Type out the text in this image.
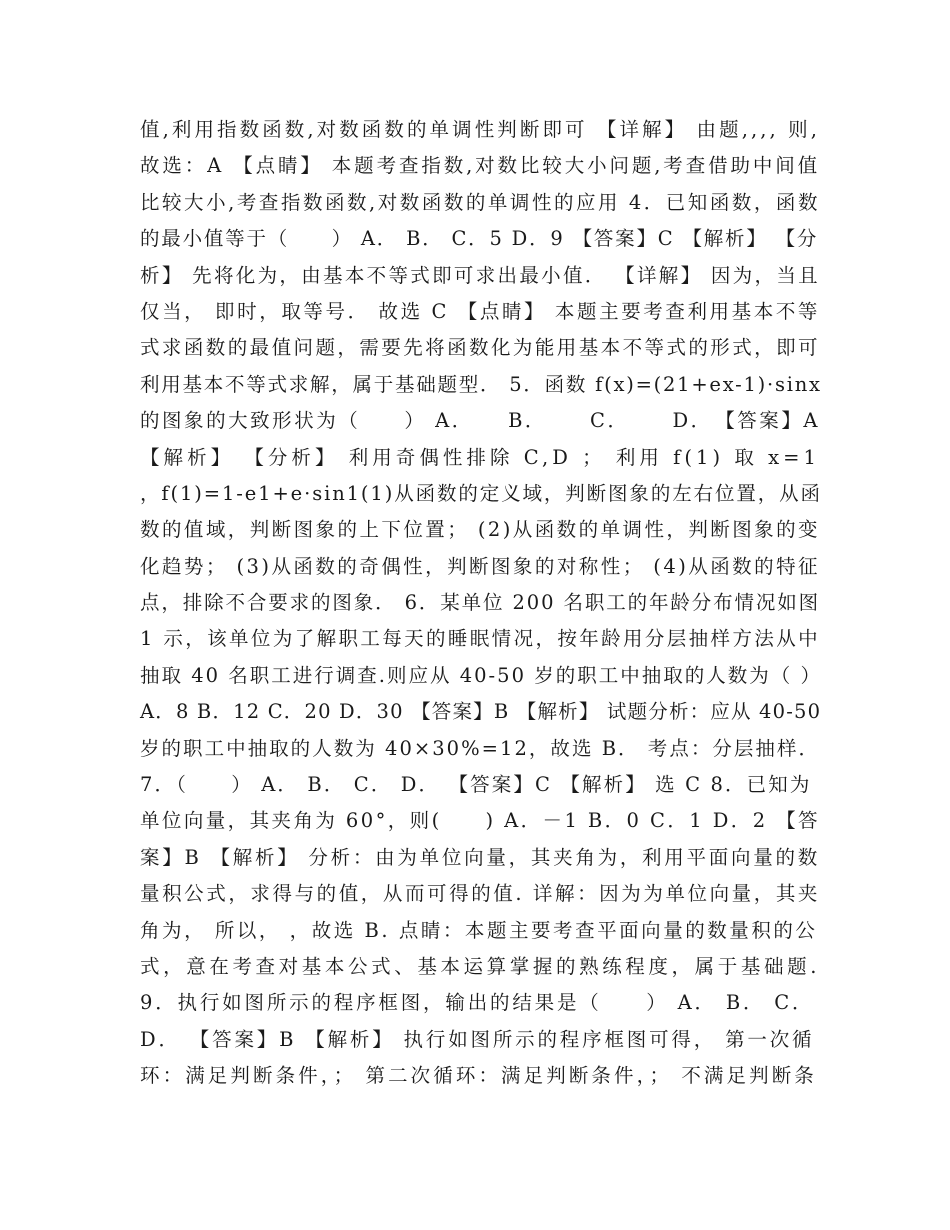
值,利用指数函数,对数函数的单调性判断即可 【详解】 由题,,,, 则,
故选：A 【点睛】 本题考查指数,对数比较大小问题,考查借助中间值
比较大小,考查指数函数,对数函数的单调性的应用 4．已知函数，函数
的最小值等于（　　） A． B． C．5 D．9 【答案】C 【解析】 【分
析】 先将化为，由基本不等式即可求出最小值． 【详解】 因为，当且
仅当， 即时，取等号． 故选 C 【点睛】 本题主要考查利用基本不等
式求函数的最值问题，需要先将函数化为能用基本不等式的形式，即可
利用基本不等式求解，属于基础题型． 5．函数 f(x)=(21+ex-1)·sinx
的图象的大致形状为（　　） A．　　B．　　 C．　　 D．　【答案】A
【解析】 【分析】 利用奇偶性排除 C,D ； 利用 f(1) 取 x=1
，f(1)=1-e1+e·sin1(1)从函数的定义域，判断图象的左右位置，从函
数的值域，判断图象的上下位置； (2)从函数的单调性，判断图象的变
化趋势； (3)从函数的奇偶性，判断图象的对称性； (4)从函数的特征
点，排除不合要求的图象． 6．某单位 200 名职工的年龄分布情况如图
1 示，该单位为了解职工每天的睡眠情况，按年龄用分层抽样方法从中
抽取 40 名职工进行调查.则应从 40-50 岁的职工中抽取的人数为（ ）
A．8 B．12 C．20 D．30 【答案】B 【解析】 试题分析：应从 40-50
岁的职工中抽取的人数为 40×30%=12，故选 B． 考点：分层抽样．
7．（　　） A． B． C． D． 【答案】C 【解析】 选 C 8．已知为
单位向量，其夹角为 60°，则(　　) A．－1 B．0 C．1 D．2 【答
案】B 【解析】 分析：由为单位向量，其夹角为，利用平面向量的数
量积公式，求得与的值，从而可得的值. 详解：因为为单位向量，其夹
角为， 所以， ，故选 B. 点睛：本题主要考查平面向量的数量积的公
式，意在考查对基本公式、基本运算掌握的熟练程度，属于基础题.
9．执行如图所示的程序框图，输出的结果是（　　） A． B． C．
D． 【答案】B 【解析】 执行如图所示的程序框图可得， 第一次循
环：满足判断条件，； 第二次循环：满足判断条件，； 不满足判断条
